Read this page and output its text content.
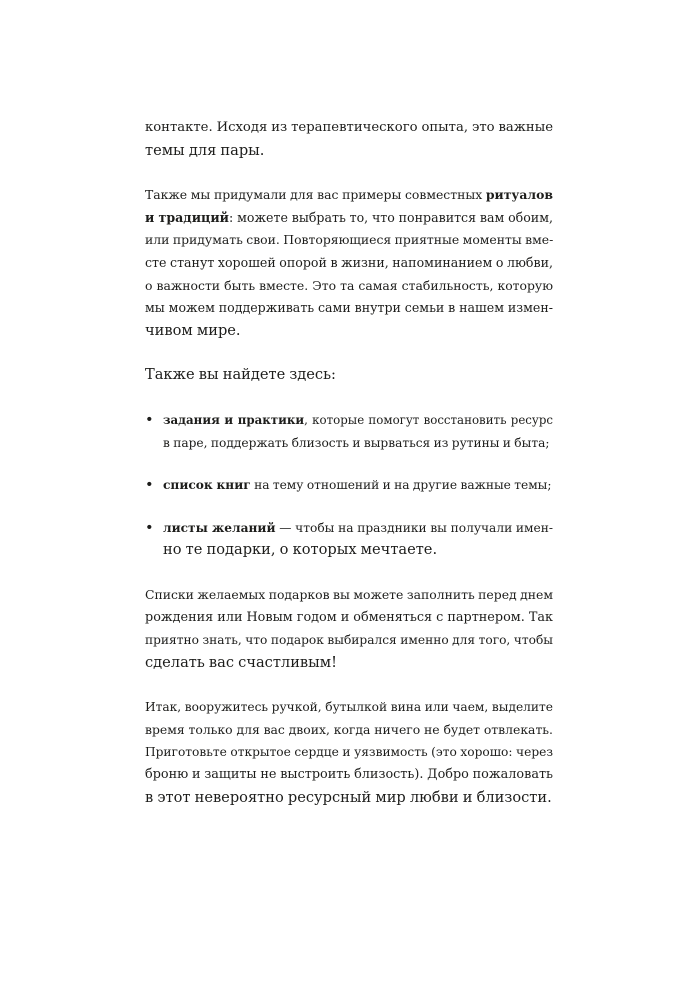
контакте. Исходя из терапевтического опыта, это важные
темы для пары.

Также мы придумали для вас примеры совместных ритуалов
и традиций: можете выбрать то, что понравится вам обоим,
или придумать свои. Повторяющиеся приятные моменты вме-
сте станут хорошей опорой в жизни, напоминанием о любви,
о важности быть вместе. Это та самая стабильность, которую
мы можем поддерживать сами внутри семьи в нашем измен-
чивом мире.

Также вы найдете здесь:

• задания и практики, которые помогут восстановить ресурс
в паре, поддержать близость и вырваться из рутины и быта;
• список книг на тему отношений и на другие важные темы;
• листы желаний — чтобы на праздники вы получали имен-
но те подарки, о которых мечтаете.

Списки желаемых подарков вы можете заполнить перед днем
рождения или Новым годом и обменяться с партнером. Так
приятно знать, что подарок выбирался именно для того, чтобы
сделать вас счастливым!

Итак, вооружитесь ручкой, бутылкой вина или чаем, выделите
время только для вас двоих, когда ничего не будет отвлекать.
Приготовьте открытое сердце и уязвимость (это хорошо: через
броню и защиты не выстроить близость). Добро пожаловать
в этот невероятно ресурсный мир любви и близости.
